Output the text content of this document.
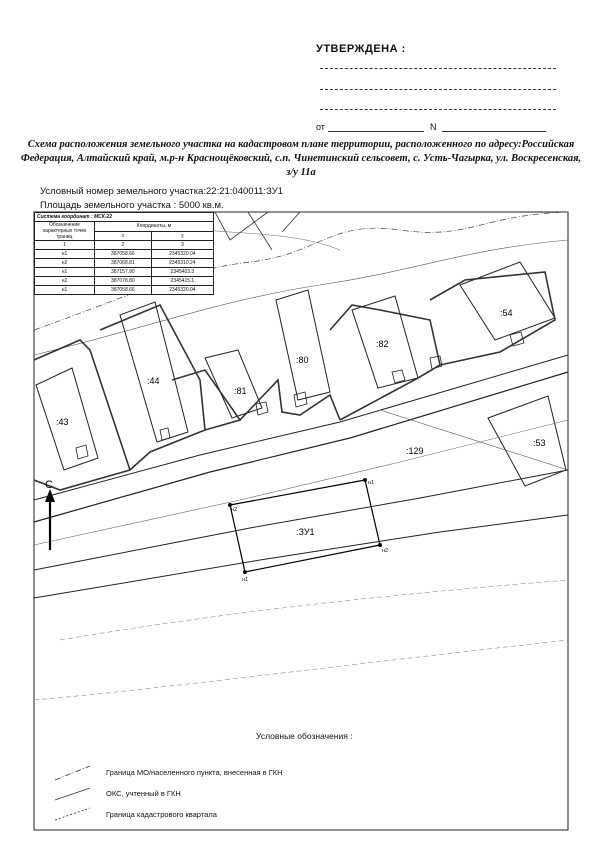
УТВЕРЖДЕНА :
от	N
Схема расположения земельного участка на кадастровом плане территории, расположенного по адресу:Российская Федерация, Алтайский край, м.р-н Краснощёковский, с.п. Чинетинский сельсовет, с. Усть-Чагырка, ул. Воскресенская, з/у 11а
Условный номер земельного участка:22:21:040011:ЗУ1
Площадь земельного участка : 5000 кв.м.
С
:43
:44
:81
:80
:82
:54
:53
:129
:ЗУ1
н1
н2
н1
н2
Система координат : МСК-22		
Обозначение характерных точек границ	Координаты, м	
	x	y
1	2	3
н1	387058.66	2345320.04
н2	387068.81	2345310.24
н1	387157.90	2345403.3
н2	387078.80	2345415.1
н1	387058.66	2345320.04
Условные обозначения :
Граница МО/населенного пункта, внесенная в ГКН
ОКС, учтенный в ГКН
Граница кадастрового квартала
